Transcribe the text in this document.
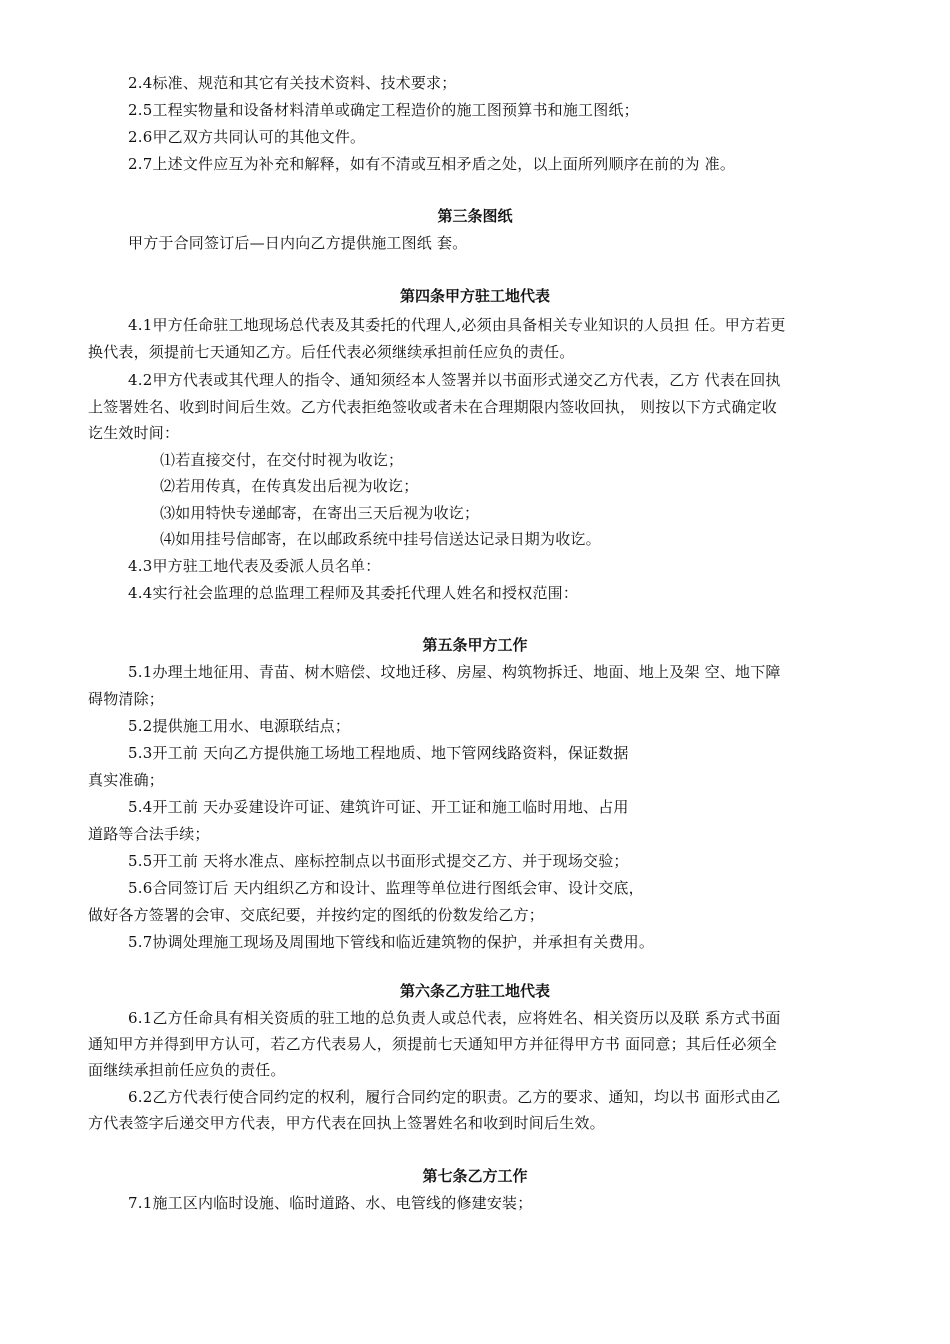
2.4标准、规范和其它有关技术资料、技术要求；
2.5工程实物量和设备材料清单或确定工程造价的施工图预算书和施工图纸；
2.6甲乙双方共同认可的其他文件。
2.7上述文件应互为补充和解释，如有不清或互相矛盾之处，以上面所列顺序在前的为 准。
第三条图纸
甲方于合同签订后—日内向乙方提供施工图纸 套。
第四条甲方驻工地代表
4.1甲方任命驻工地现场总代表及其委托的代理人,必须由具备相关专业知识的人员担 任。甲方若更
换代表，须提前七天通知乙方。后任代表必须继续承担前任应负的责任。
4.2甲方代表或其代理人的指令、通知须经本人签署并以书面形式递交乙方代表，乙方 代表在回执
上签署姓名、收到时间后生效。乙方代表拒绝签收或者未在合理期限内签收回执， 则按以下方式确定收
讫生效时间：
⑴若直接交付，在交付时视为收讫；
⑵若用传真，在传真发出后视为收讫；
⑶如用特快专递邮寄，在寄出三天后视为收讫；
⑷如用挂号信邮寄，在以邮政系统中挂号信送达记录日期为收讫。
4.3甲方驻工地代表及委派人员名单：
4.4实行社会监理的总监理工程师及其委托代理人姓名和授权范围：
第五条甲方工作
5.1办理土地征用、青苗、树木赔偿、坟地迁移、房屋、构筑物拆迁、地面、地上及架 空、地下障
碍物清除；
5.2提供施工用水、电源联结点；
5.3开工前 天向乙方提供施工场地工程地质、地下管网线路资料，保证数据
真实准确；
5.4开工前 天办妥建设许可证、建筑许可证、开工证和施工临时用地、占用
道路等合法手续；
5.5开工前 天将水准点、座标控制点以书面形式提交乙方、并于现场交验；
5.6合同签订后 天内组织乙方和设计、监理等单位进行图纸会审、设计交底，
做好各方签署的会审、交底纪要，并按约定的图纸的份数发给乙方；
5.7协调处理施工现场及周围地下管线和临近建筑物的保护，并承担有关费用。
第六条乙方驻工地代表
6.1乙方任命具有相关资质的驻工地的总负责人或总代表，应将姓名、相关资历以及联 系方式书面
通知甲方并得到甲方认可，若乙方代表易人，须提前七天通知甲方并征得甲方书 面同意；其后任必须全
面继续承担前任应负的责任。
6.2乙方代表行使合同约定的权利，履行合同约定的职责。乙方的要求、通知，均以书 面形式由乙
方代表签字后递交甲方代表，甲方代表在回执上签署姓名和收到时间后生效。
第七条乙方工作
7.1施工区内临时设施、临时道路、水、电管线的修建安装；
